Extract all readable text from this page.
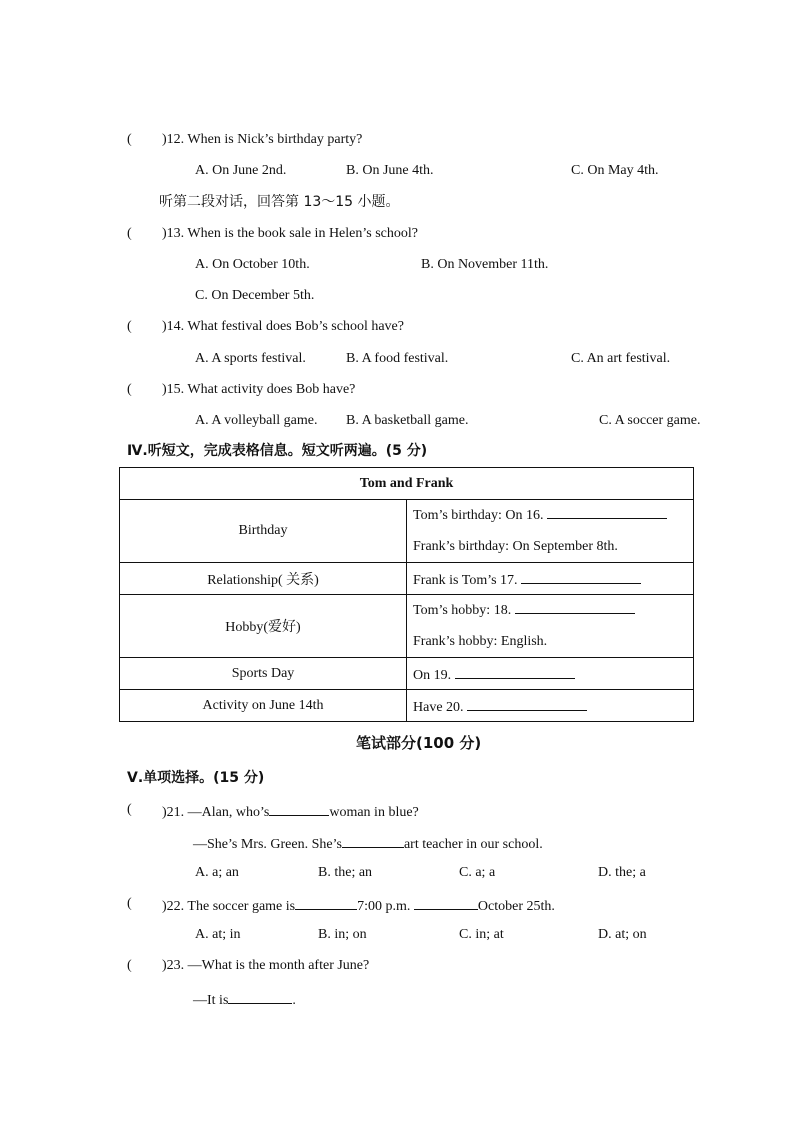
( )12. When is Nick’s birthday party?
A. On June 2nd.	B. On June 4th.	C. On May 4th.
听第二段对话，回答第 13～15 小题。
( )13. When is the book sale in Helen’s school?
A. On October 10th.	B. On November 11th.
C. On December 5th.
( )14. What festival does Bob’s school have?
A. A sports festival.	B. A food festival.	C. An art festival.
( )15. What activity does Bob have?
A. A volleyball game. B. A basketball game.	C. A soccer game.
Ⅳ.听短文，完成表格信息。短文听两遍。(5 分)
Tom and Frank	
Birthday	Tom’s birthday: On 16.
Frank’s birthday: On September 8th.

Relationship( 关系)	Frank is Tom’s 17.
Hobby(爱好)	Tom’s hobby: 18.
Frank’s hobby: English.

Sports Day	On 19.
Activity on June 14th	Have 20.
笔试部分(100 分)
Ⅴ.单项选择。(15 分)
( )21. —Alan, who’s	woman in blue?
—She’s Mrs. Green. She’s	art teacher in our school.
A. a; an	B. the; an	C. a; a	D. the; a
( )22. The soccer game is	7:00 p.m.	October 25th.
A. at; in	B. in; on	C. in; at	D. at; on
( )23. —What is the month after June?
—It is	.
